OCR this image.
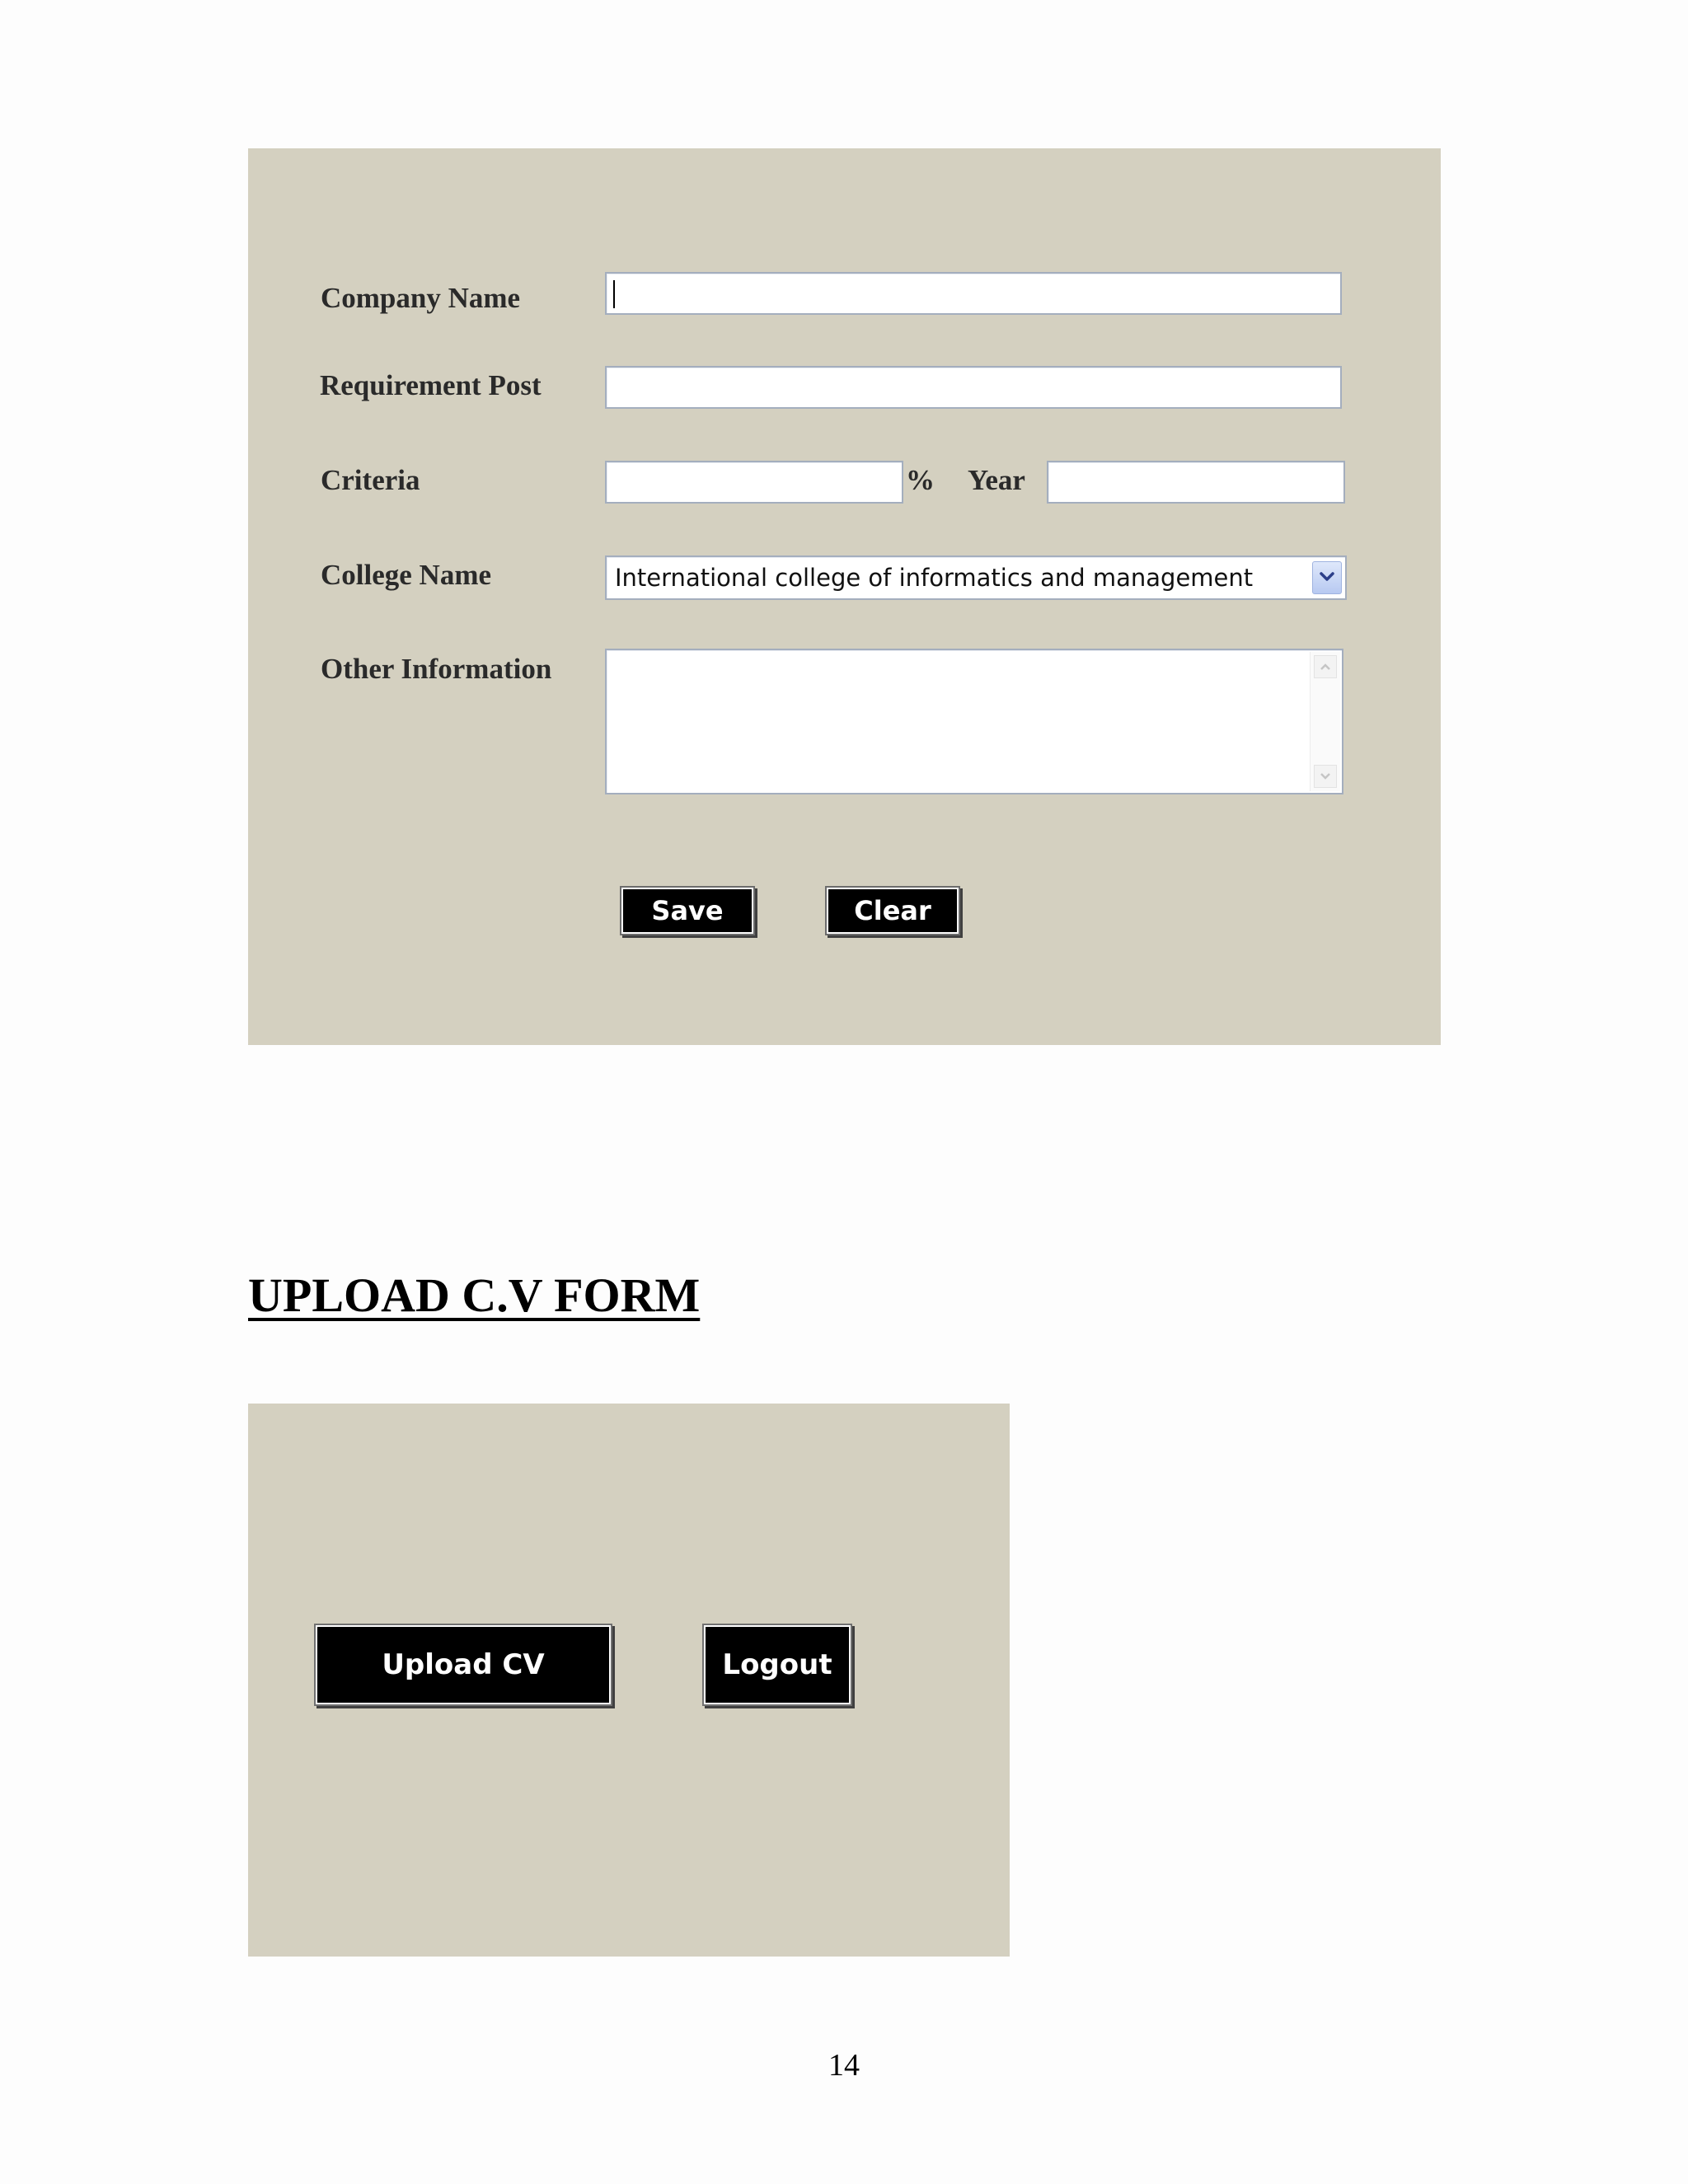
Company Name
Requirement Post
Criteria	% Year
College Name	International college of informatics and management
Other Information
Save	Clear
UPLOAD C.V FORM
Upload CV	Logout
14
